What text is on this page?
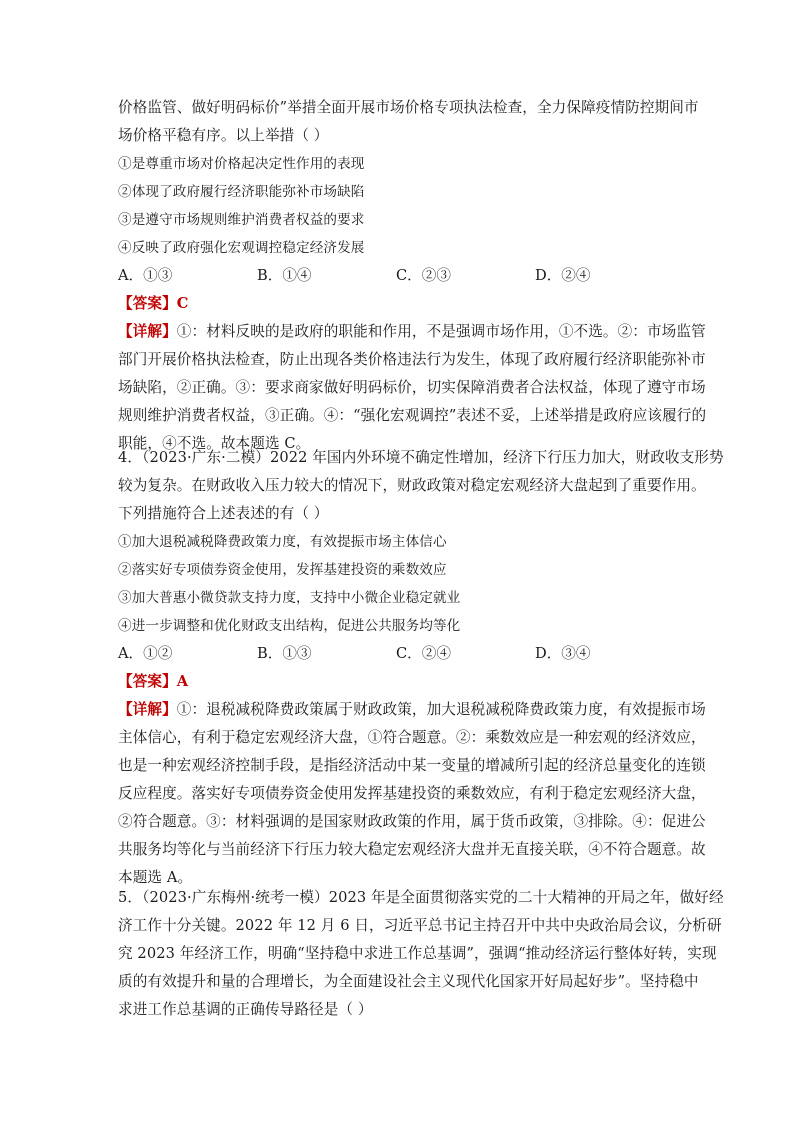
价格监管、做好明码标价”举措全面开展市场价格专项执法检查，全力保障疫情防控期间市
场价格平稳有序。以上举措（ ）
①是尊重市场对价格起决定性作用的表现
②体现了政府履行经济职能弥补市场缺陷
③是遵守市场规则维护消费者权益的要求
④反映了政府强化宏观调控稳定经济发展
A．①③	B．①④	C．②③	D．②④
【答案】C
【详解】①：材料反映的是政府的职能和作用，不是强调市场作用，①不选。②：市场监管
部门开展价格执法检查，防止出现各类价格违法行为发生，体现了政府履行经济职能弥补市
场缺陷，②正确。③：要求商家做好明码标价，切实保障消费者合法权益，体现了遵守市场
规则维护消费者权益，③正确。④：“强化宏观调控”表述不妥，上述举措是政府应该履行的
职能，④不选。故本题选 C。
4．（2023·广东·二模）2022 年国内外环境不确定性增加，经济下行压力加大，财政收支形势
较为复杂。在财政收入压力较大的情况下，财政政策对稳定宏观经济大盘起到了重要作用。
下列措施符合上述表述的有（ ）
①加大退税减税降费政策力度，有效提振市场主体信心
②落实好专项债券资金使用，发挥基建投资的乘数效应
③加大普惠小微贷款支持力度，支持中小微企业稳定就业
④进一步调整和优化财政支出结构，促进公共服务均等化
A．①②	B．①③	C．②④	D．③④
【答案】A
【详解】①：退税减税降费政策属于财政政策，加大退税减税降费政策力度，有效提振市场
主体信心，有利于稳定宏观经济大盘，①符合题意。②：乘数效应是一种宏观的经济效应，
也是一种宏观经济控制手段，是指经济活动中某一变量的增减所引起的经济总量变化的连锁
反应程度。落实好专项债券资金使用发挥基建投资的乘数效应，有利于稳定宏观经济大盘，
②符合题意。③：材料强调的是国家财政政策的作用，属于货币政策，③排除。④：促进公
共服务均等化与当前经济下行压力较大稳定宏观经济大盘并无直接关联，④不符合题意。故
本题选 A。
5．（2023·广东梅州·统考一模）2023 年是全面贯彻落实党的二十大精神的开局之年，做好经
济工作十分关键。2022 年 12 月 6 日，习近平总书记主持召开中共中央政治局会议，分析研
究 2023 年经济工作，明确“坚持稳中求进工作总基调”，强调“推动经济运行整体好转，实现
质的有效提升和量的合理增长，为全面建设社会主义现代化国家开好局起好步”。坚持稳中
求进工作总基调的正确传导路径是（ ）
